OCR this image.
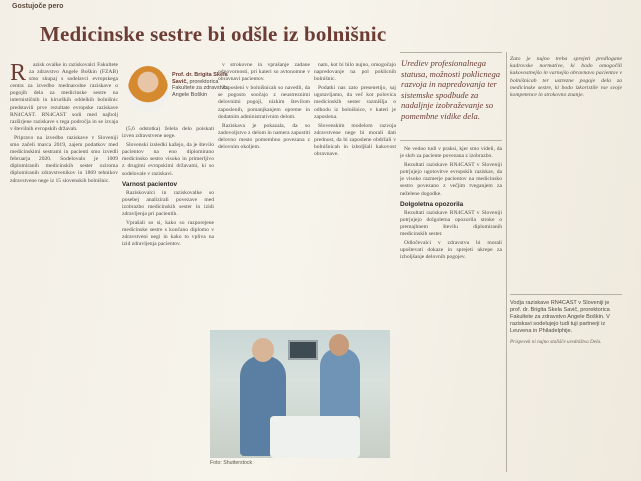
Gostujoče pero
Medicinske sestre bi odšle iz bolnišnic
R	azisk ovalke in raziskovalci Fakultete za zdravstvo Angele Boškin (FZAB) smo skupaj s sodelavci evropskega centra za izvedbo mednarodne raziskave o pogojih dela za medicinske sestre na internističnih in kirurških oddelkih bolnišnic predstavili prve rezultate evropske raziskave RN4CAST. RN4CAST sodi med najbolj razširjene raziskave s tega področja in se izvaja v številnih evropskih državah.

Pripravo na izvedbo raziskave v Sloveniji smo začeli marca 2019, zajem podatkov med medicinskimi sestrami in pacienti smo izvedli februarja 2020. Sodelovalo je 1009 diplomiranih medicinskih sester oziroma diplomiranih zdravstvenikov in 1869 tehnikov zdravstvene nege iz 15 slovenskih bolnišnic.

Prof. dr. Brigita Skela Savič, prorektorica Fakultete za zdravstvo Angele Boškin

(5,6 odstotka) želela delo poiskati izven zdravstvene nege.

Slovenski izsledki kažejo, da je število pacientov na eno diplomirano medicinsko sestro visoko in primerljivo z drugimi evropskimi državami, ki so sodelovale v raziskavi.

Varnost pacientov

Raziskovalci in raziskovalke so posebej analizirali povezave med izobrazbo medicinskih sester in izidi zdravljenja pri pacientih.

Vprašali so si, kako so razporejene medicinske sestre s končano diplomo v zdravstveni negi in kako to vpliva na izid zdravljenja pacientov.

v strokovne in vprašanje zadane odgovornosti, pri kateri so avtonomne v obravnavi pacientov.

Zaposleni v bolnišnicah so navedli, da se pogosto soočajo z neustreznimi delovnimi pogoji, nizkim številom zaposlenih, pomanjkanjem opreme in dodatnim administrativnim delom.

Raziskava je pokazala, da so zadovoljstvo z delom in namera zapustiti delovno mesto pomembno povezana z delovnim okoljem.

nam, kot bi bilo nujno, omogočajo napredovanje na pol poklicnih bolnišnic.

Podatki nas zato presenetijo, saj ugotavljamo, da več kot polovica medicinskih sester razmišlja o odhodu iz bolnišnice, v kateri je zaposlena.

Slovenskim modelom razvoja zdravstvene nege bi morali dati prednost, da bi zaposlene obdržali v bolnišnicah in izboljšali kakovost obravnave.

Foto: Shutterstock
Urediev profesionalnega statusa, možnosti poklicnega razvoja in napredovanja ter sistemske spodbude za nadaljnje izobraževanje so pomembne vidike dela.

Ne vedno tudi v praksi, kjer smo videli, da je skrb za paciente povezana z izobrazbo.

Rezultati raziskave RN4CAST v Sloveniji potrjujejo ugotovitve evropskih raziskav, da je visoko razmerje pacientov na medicinsko sestro povezano z večjim tveganjem za neželene dogodke.

Dolgoletna opozorila

Rezultati raziskave RN4CAST v Sloveniji potrjujejo dolgoletna opozorila stroke o premajhnem številu diplomiranih medicinskih sester.

Odločevalci v zdravstvu bi morali upoštevati dokaze in sprejeti ukrepe za izboljšanje delovnih pogojev.

Zato je nujno treba sprejeti predlogane kadrovske normative, ki bodo omogočili kakovostnejšo in varnejšo obravnavo pacientov v bolnišnicah ter ustrezne pogoje dela za medicinske sestre, ki bodo izkoristile vse svoje kompetence in strokovno znanje.
Vodja raziskave RN4CAST v Sloveniji je prof. dr. Brigita Skela Savič, prorektorica Fakultete za zdravstvo Angele Boškin. V raziskavi sodelujejo tudi tuji partnerji iz Leuvena in Philadelphije.
Prispevek ni nujno stališče uredništva Dela.
